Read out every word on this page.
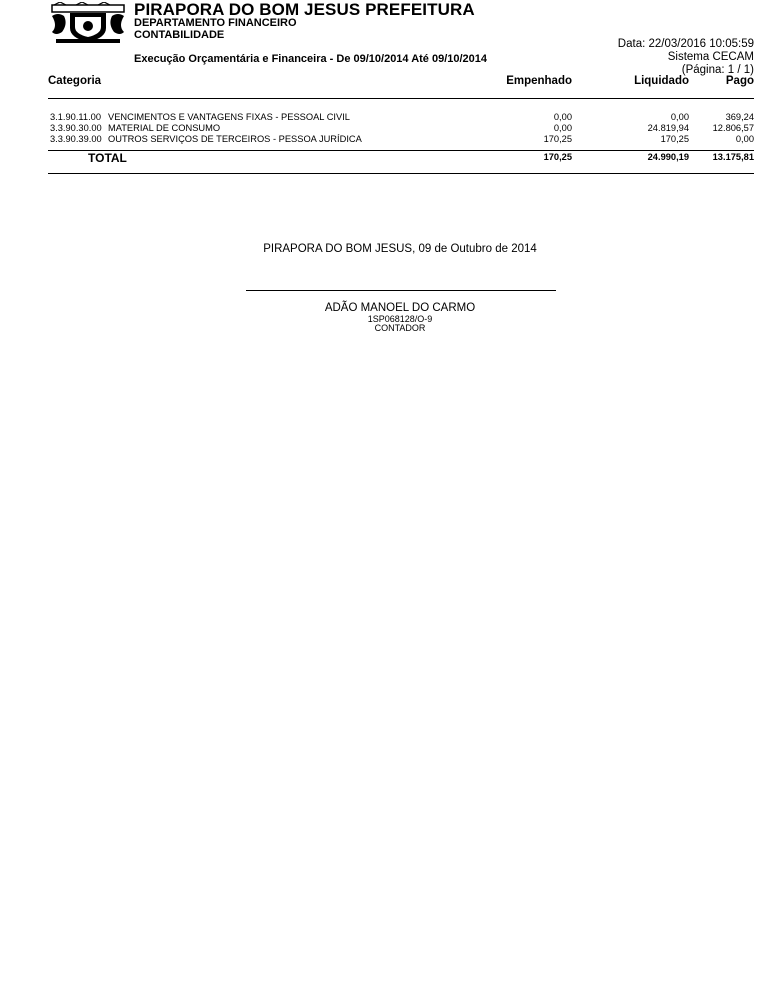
PIRAPORA DO BOM JESUS PREFEITURA
DEPARTAMENTO FINANCEIRO
CONTABILIDADE
Execução Orçamentária e Financeira - De 09/10/2014 Até 09/10/2014
Data: 22/03/2016 10:05:59
Sistema CECAM
(Página: 1 / 1)
Categoria	Empenhado	Liquidado	Pago
3.1.90.11.00 VENCIMENTOS E VANTAGENS FIXAS - PESSOAL CIVIL	0,00	0,00	369,24
3.3.90.30.00 MATERIAL DE CONSUMO	0,00	24.819,94	12.806,57
3.3.90.39.00 OUTROS SERVIÇOS DE TERCEIROS - PESSOA JURÍDICA	170,25	170,25	0,00
TOTAL	170,25	24.990,19	13.175,81
PIRAPORA DO BOM JESUS, 09 de Outubro de 2014
ADÃO MANOEL DO CARMO
1SP068128/O-9
CONTADOR
